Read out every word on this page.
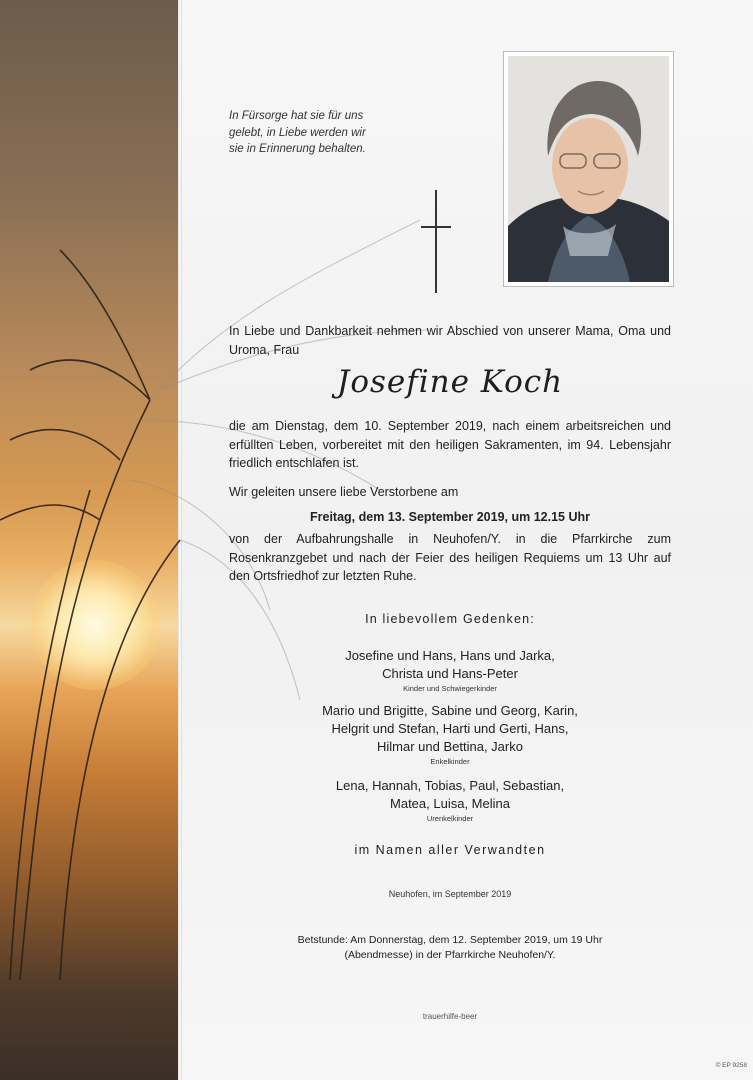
In Fürsorge hat sie für uns
gelebt, in Liebe werden wir
sie in Erinnerung behalten.
In Liebe und Dankbarkeit nehmen wir Abschied von unserer Mama, Oma und Uroma, Frau
Josefine Koch
die am Dienstag, dem 10. September 2019, nach einem arbeitsreichen und erfüllten Leben, vorbereitet mit den heiligen Sakramenten, im 94. Lebensjahr friedlich entschlafen ist.
Wir geleiten unsere liebe Verstorbene am
Freitag, dem 13. September 2019, um 12.15 Uhr
von der Aufbahrungshalle in Neuhofen/Y. in die Pfarrkirche zum Rosenkranzgebet und nach der Feier des heiligen Requiems um 13 Uhr auf den Ortsfriedhof zur letzten Ruhe.
In liebevollem Gedenken:
Josefine und Hans, Hans und Jarka,
Christa und Hans-Peter
Kinder und Schwiegerkinder
Mario und Brigitte, Sabine und Georg, Karin,
Helgrit und Stefan, Harti und Gerti, Hans,
Hilmar und Bettina, Jarko
Enkelkinder
Lena, Hannah, Tobias, Paul, Sebastian,
Matea, Luisa, Melina
Urenkelkinder
im Namen aller Verwandten
Neuhofen, im September 2019
Betstunde: Am Donnerstag, dem 12. September 2019, um 19 Uhr
(Abendmesse) in der Pfarrkirche Neuhofen/Y.
trauerhilfe-beer
© EP 9258
